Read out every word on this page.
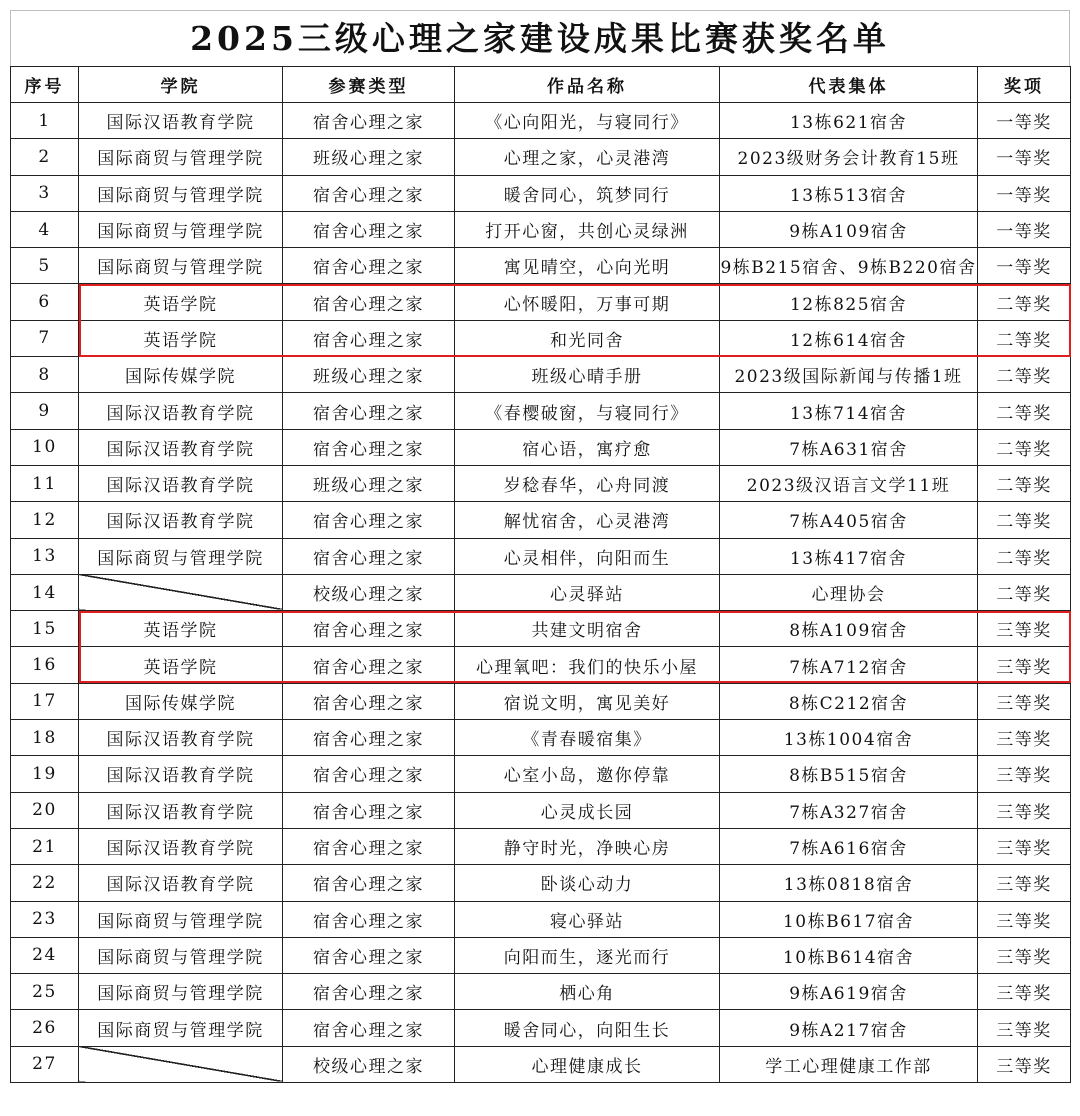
2025三级心理之家建设成果比赛获奖名单
序号	学院	参赛类型	作品名称	代表集体	奖项
1	国际汉语教育学院	宿舍心理之家	《心向阳光，与寝同行》	13栋621宿舍	一等奖
2	国际商贸与管理学院	班级心理之家	心理之家，心灵港湾	2023级财务会计教育15班	一等奖
3	国际商贸与管理学院	宿舍心理之家	暖舍同心，筑梦同行	13栋513宿舍	一等奖
4	国际商贸与管理学院	宿舍心理之家	打开心窗，共创心灵绿洲	9栋A109宿舍	一等奖
5	国际商贸与管理学院	宿舍心理之家	寓见晴空，心向光明	9栋B215宿舍、9栋B220宿舍	一等奖
6	英语学院	宿舍心理之家	心怀暖阳，万事可期	12栋825宿舍	二等奖
7	英语学院	宿舍心理之家	和光同舍	12栋614宿舍	二等奖
8	国际传媒学院	班级心理之家	班级心晴手册	2023级国际新闻与传播1班	二等奖
9	国际汉语教育学院	宿舍心理之家	《春樱破窗，与寝同行》	13栋714宿舍	二等奖
10	国际汉语教育学院	宿舍心理之家	宿心语，寓疗愈	7栋A631宿舍	二等奖
11	国际汉语教育学院	班级心理之家	岁稔春华，心舟同渡	2023级汉语言文学11班	二等奖
12	国际汉语教育学院	宿舍心理之家	解忧宿舍，心灵港湾	7栋A405宿舍	二等奖
13	国际商贸与管理学院	宿舍心理之家	心灵相伴，向阳而生	13栋417宿舍	二等奖
14		校级心理之家	心灵驿站	心理协会	二等奖
15	英语学院	宿舍心理之家	共建文明宿舍	8栋A109宿舍	三等奖
16	英语学院	宿舍心理之家	心理氧吧：我们的快乐小屋	7栋A712宿舍	三等奖
17	国际传媒学院	宿舍心理之家	宿说文明，寓见美好	8栋C212宿舍	三等奖
18	国际汉语教育学院	宿舍心理之家	《青春暖宿集》	13栋1004宿舍	三等奖
19	国际汉语教育学院	宿舍心理之家	心室小岛，邀你停靠	8栋B515宿舍	三等奖
20	国际汉语教育学院	宿舍心理之家	心灵成长园	7栋A327宿舍	三等奖
21	国际汉语教育学院	宿舍心理之家	静守时光，净映心房	7栋A616宿舍	三等奖
22	国际汉语教育学院	宿舍心理之家	卧谈心动力	13栋0818宿舍	三等奖
23	国际商贸与管理学院	宿舍心理之家	寝心驿站	10栋B617宿舍	三等奖
24	国际商贸与管理学院	宿舍心理之家	向阳而生，逐光而行	10栋B614宿舍	三等奖
25	国际商贸与管理学院	宿舍心理之家	栖心角	9栋A619宿舍	三等奖
26	国际商贸与管理学院	宿舍心理之家	暖舍同心，向阳生长	9栋A217宿舍	三等奖
27		校级心理之家	心理健康成长	学工心理健康工作部	三等奖
